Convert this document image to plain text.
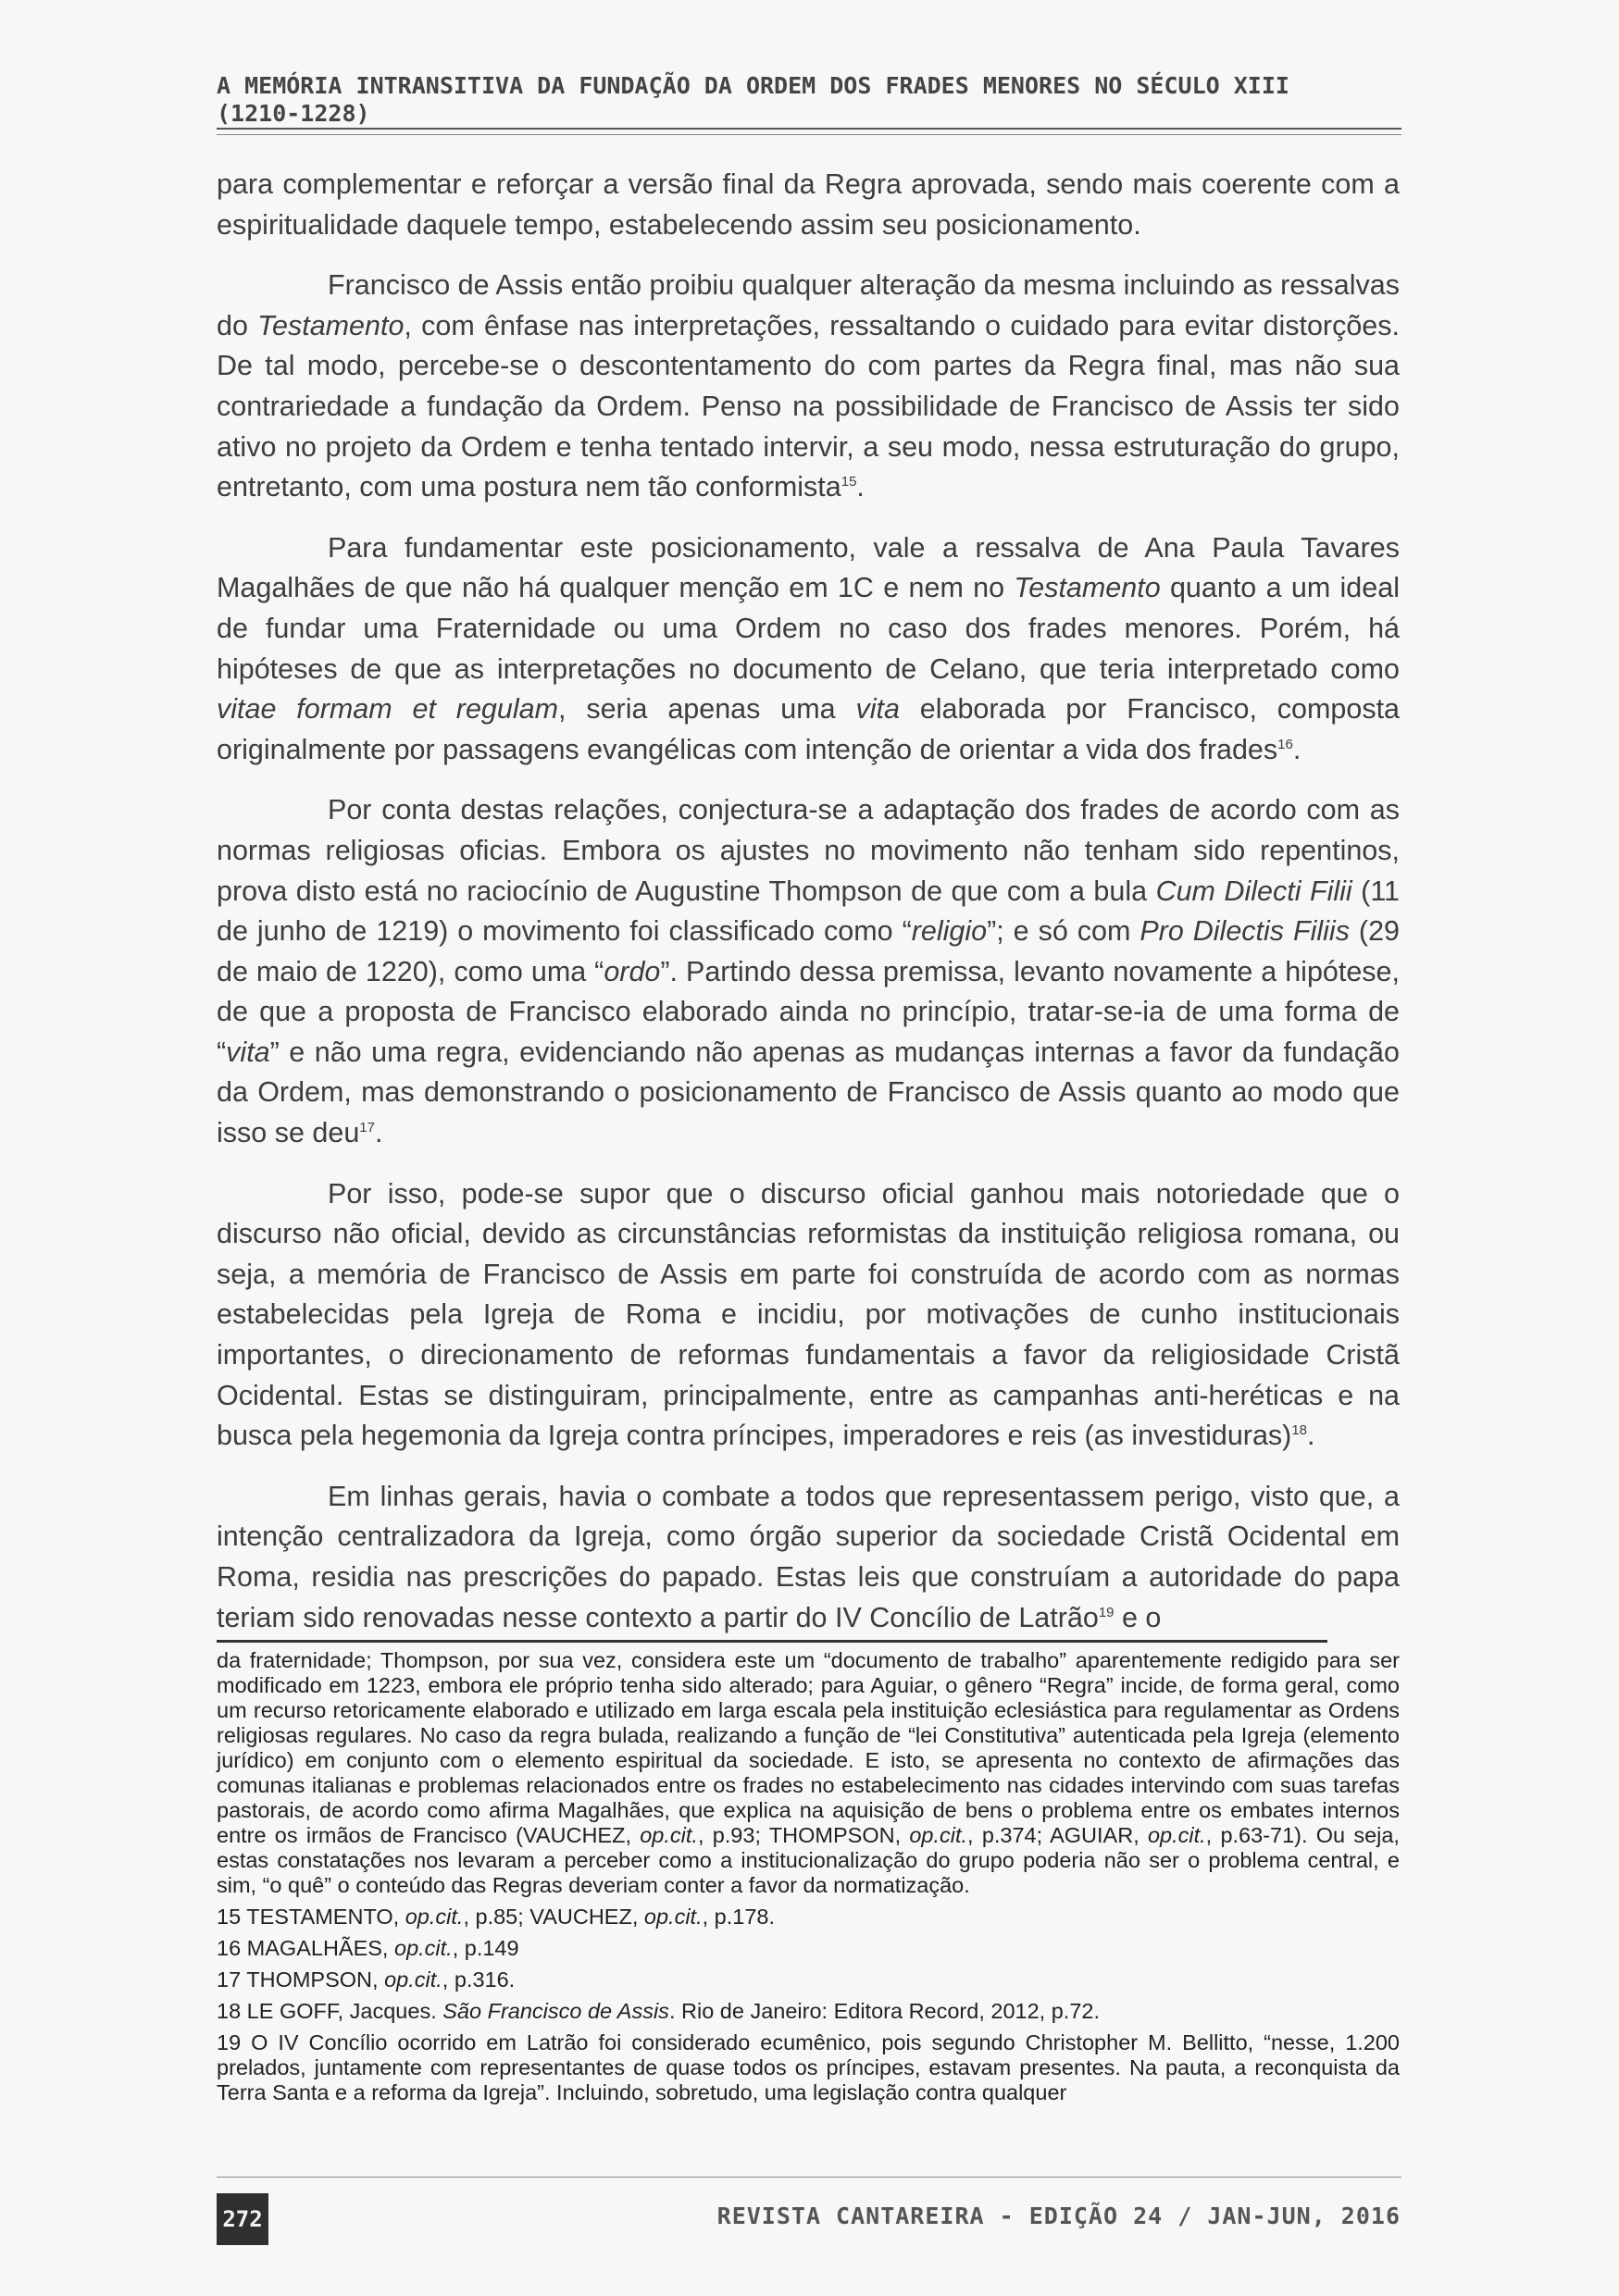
A MEMÓRIA INTRANSITIVA DA FUNDAÇÃO DA ORDEM DOS FRADES MENORES NO SÉCULO XIII
(1210-1228)

para complementar e reforçar a versão final da Regra aprovada, sendo mais coerente com a espiritualidade daquele tempo, estabelecendo assim seu posicionamento.

Francisco de Assis então proibiu qualquer alteração da mesma incluindo as ressalvas do Testamento, com ênfase nas interpretações, ressaltando o cuidado para evitar distorções. De tal modo, percebe-se o descontentamento do com partes da Regra final, mas não sua contrariedade a fundação da Ordem. Penso na possibilidade de Francisco de Assis ter sido ativo no projeto da Ordem e tenha tentado intervir, a seu modo, nessa estruturação do grupo, entretanto, com uma postura nem tão conformista$^{15}$.

Para fundamentar este posicionamento, vale a ressalva de Ana Paula Tavares Magalhães de que não há qualquer menção em 1C e nem no Testamento quanto a um ideal de fundar uma Fraternidade ou uma Ordem no caso dos frades menores. Porém, há hipóteses de que as interpretações no documento de Celano, que teria interpretado como vitae formam et regulam, seria apenas uma vita elaborada por Francisco, composta originalmente por passagens evangélicas com intenção de orientar a vida dos frades$^{16}$.

Por conta destas relações, conjectura-se a adaptação dos frades de acordo com as normas religiosas oficias. Embora os ajustes no movimento não tenham sido repentinos, prova disto está no raciocínio de Augustine Thompson de que com a bula Cum Dilecti Filii (11 de junho de 1219) o movimento foi classificado como “religio”; e só com Pro Dilectis Filiis (29 de maio de 1220), como uma “ordo”. Partindo dessa premissa, levanto novamente a hipótese, de que a proposta de Francisco elaborado ainda no princípio, tratar-se-ia de uma forma de “vita” e não uma regra, evidenciando não apenas as mudanças internas a favor da fundação da Ordem, mas demonstrando o posicionamento de Francisco de Assis quanto ao modo que isso se deu$^{17}$.

Por isso, pode-se supor que o discurso oficial ganhou mais notoriedade que o discurso não oficial, devido as circunstâncias reformistas da instituição religiosa romana, ou seja, a memória de Francisco de Assis em parte foi construída de acordo com as normas estabelecidas pela Igreja de Roma e incidiu, por motivações de cunho institucionais importantes, o direcionamento de reformas fundamentais a favor da religiosidade Cristã Ocidental. Estas se distinguiram, principalmente, entre as campanhas anti-heréticas e na busca pela hegemonia da Igreja contra príncipes, imperadores e reis (as investiduras)$^{18}$.

Em linhas gerais, havia o combate a todos que representassem perigo, visto que, a intenção centralizadora da Igreja, como órgão superior da sociedade Cristã Ocidental em Roma, residia nas prescrições do papado. Estas leis que construíam a autoridade do papa teriam sido renovadas nesse contexto a partir do IV Concílio de Latrão$^{19}$ e o

da fraternidade; Thompson, por sua vez, considera este um “documento de trabalho” aparentemente redigido para ser modificado em 1223, embora ele próprio tenha sido alterado; para Aguiar, o gênero “Regra” incide, de forma geral, como um recurso retoricamente elaborado e utilizado em larga escala pela instituição eclesiástica para regulamentar as Ordens religiosas regulares. No caso da regra bulada, realizando a função de “lei Constitutiva” autenticada pela Igreja (elemento jurídico) em conjunto com o elemento espiritual da sociedade. E isto, se apresenta no contexto de afirmações das comunas italianas e problemas relacionados entre os frades no estabelecimento nas cidades intervindo com suas tarefas pastorais, de acordo como afirma Magalhães, que explica na aquisição de bens o problema entre os embates internos entre os irmãos de Francisco (VAUCHEZ, op.cit., p.93; THOMPSON, op.cit., p.374; AGUIAR, op.cit., p.63-71). Ou seja, estas constatações nos levaram a perceber como a institucionalização do grupo poderia não ser o problema central, e sim, “o quê” o conteúdo das Regras deveriam conter a favor da normatização.

15 TESTAMENTO, op.cit., p.85; VAUCHEZ, op.cit., p.178.

16 MAGALHÃES, op.cit., p.149

17 THOMPSON, op.cit., p.316.

18 LE GOFF, Jacques. São Francisco de Assis. Rio de Janeiro: Editora Record, 2012, p.72.

19 O IV Concílio ocorrido em Latrão foi considerado ecumênico, pois segundo Christopher M. Bellitto, “nesse, 1.200 prelados, juntamente com representantes de quase todos os príncipes, estavam presentes. Na pauta, a reconquista da Terra Santa e a reforma da Igreja”. Incluindo, sobretudo, uma legislação contra qualquer

272	REVISTA CANTAREIRA - EDIÇÃO 24 / JAN-JUN, 2016
